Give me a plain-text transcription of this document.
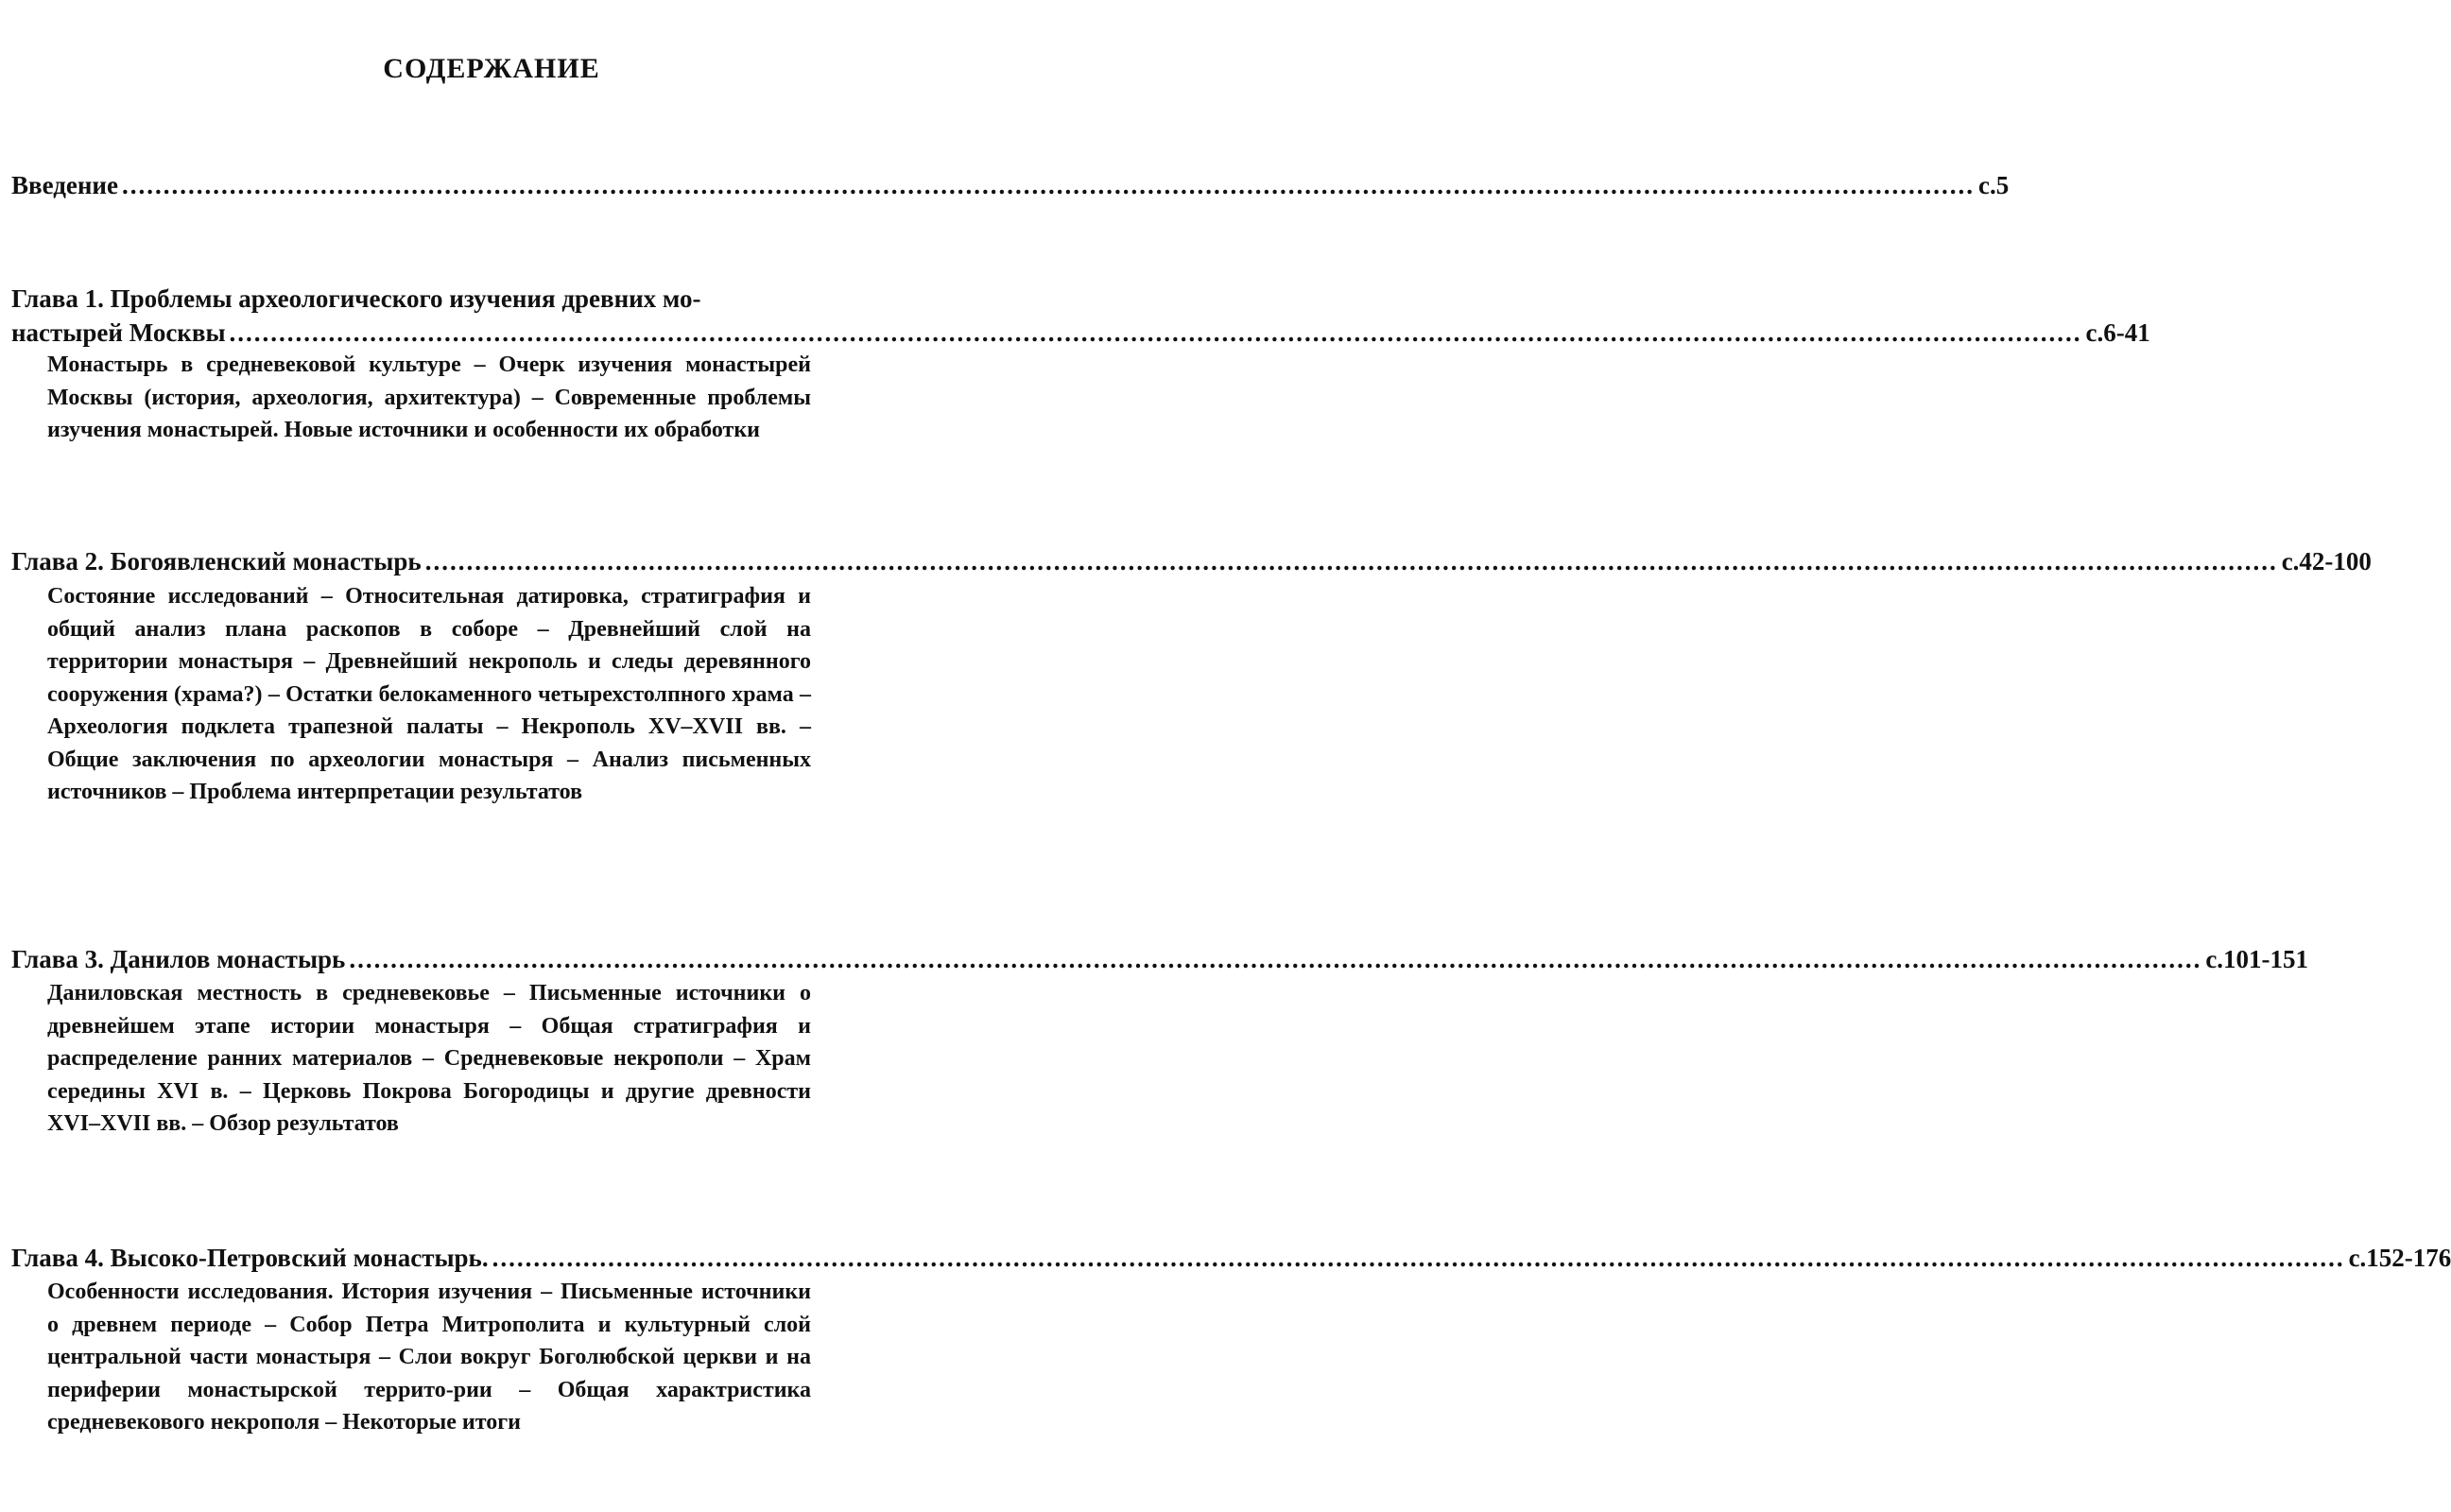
СОДЕРЖАНИЕ
Введение ................................................................................................................................................................................................................................ с.5
Глава 1. Проблемы археологического изучения древних мо-
настырей Москвы ................................................................................................................................................................................................................................ с.6-41

Монастырь в средневековой культуре – Очерк изучения монастырей Москвы (история, археология, архитектура) – Современные проблемы изучения монастырей. Новые источники и особенности их обработки

Глава 2. Богоявленский монастырь ................................................................................................................................................................................................................................ с.42-100

Состояние исследований – Относительная датировка, стратиграфия и общий анализ плана раскопов в соборе – Древнейший слой на территории монастыря – Древнейший некрополь и следы деревянного сооружения (храма?) – Остатки белокаменного четырехстолпного храма – Археология подклета трапезной палаты – Некрополь XV–XVII вв. – Общие заключения по археологии монастыря – Анализ письменных источников – Проблема интерпретации результатов

Глава 3. Данилов монастырь ................................................................................................................................................................................................................................ с.101-151

Даниловская местность в средневековье – Письменные источники о древнейшем этапе истории монастыря – Общая стратиграфия и распределение ранних материалов – Средневековые некрополи – Храм середины XVI в. – Церковь Покрова Богородицы и другие древности XVI–XVII вв. – Обзор результатов

Глава 4. Высоко-Петровский монастырь. ................................................................................................................................................................................................................................ с.152-176

Особенности исследования. История изучения – Письменные источники о древнем периоде – Собор Петра Митрополита и культурный слой центральной части монастыря – Слои вокруг Боголюбской церкви и на периферии монастырской террито-рии – Общая характристика средневекового некрополя – Некоторые итоги
